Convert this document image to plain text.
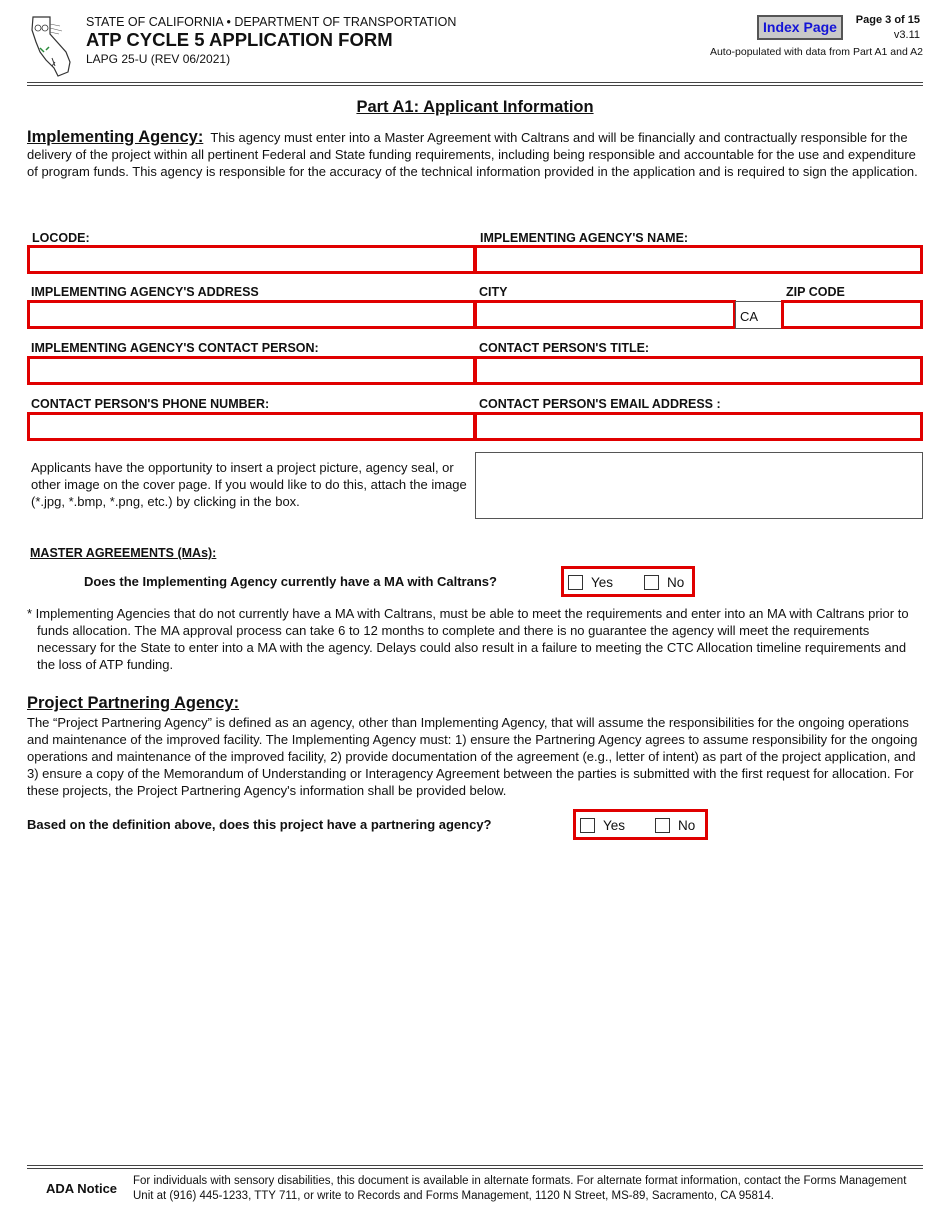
STATE OF CALIFORNIA • DEPARTMENT OF TRANSPORTATION
ATP CYCLE 5 APPLICATION FORM
LAPG 25-U (REV 06/2021)
Index Page	Page 3 of 15
v3.11
Auto-populated with data from Part A1 and A2
Part A1: Applicant Information
Implementing Agency: This agency must enter into a Master Agreement with Caltrans and will be financially and contractually responsible for the delivery of the project within all pertinent Federal and State funding requirements, including being responsible and accountable for the use and expenditure of program funds. This agency is responsible for the accuracy of the technical information provided in the application and is required to sign the application.
LOCODE:	IMPLEMENTING AGENCY'S NAME:
IMPLEMENTING AGENCY'S ADDRESS	CITY	ZIP CODE
CA
IMPLEMENTING AGENCY'S CONTACT PERSON:	CONTACT PERSON'S TITLE:
CONTACT PERSON'S PHONE NUMBER:	CONTACT PERSON'S EMAIL ADDRESS :
Applicants have the opportunity to insert a project picture, agency seal, or other image on the cover page. If you would like to do this, attach the image (*.jpg, *.bmp, *.png, etc.) by clicking in the box.
MASTER AGREEMENTS (MAs):
Does the Implementing Agency currently have a MA with Caltrans?	Yes	No
* Implementing Agencies that do not currently have a MA with Caltrans, must be able to meet the requirements and enter into an MA with Caltrans prior to funds allocation. The MA approval process can take 6 to 12 months to complete and there is no guarantee the agency will meet the requirements necessary for the State to enter into a MA with the agency. Delays could also result in a failure to meeting the CTC Allocation timeline requirements and the loss of ATP funding.
Project Partnering Agency:
The “Project Partnering Agency” is defined as an agency, other than Implementing Agency, that will assume the responsibilities for the ongoing operations and maintenance of the improved facility. The Implementing Agency must: 1) ensure the Partnering Agency agrees to assume responsibility for the ongoing operations and maintenance of the improved facility, 2) provide documentation of the agreement (e.g., letter of intent) as part of the project application, and 3) ensure a copy of the Memorandum of Understanding or Interagency Agreement between the parties is submitted with the first request for allocation. For these projects, the Project Partnering Agency's information shall be provided below.
Based on the definition above, does this project have a partnering agency?	Yes	No
ADA Notice For individuals with sensory disabilities, this document is available in alternate formats. For alternate format information, contact the Forms Management Unit at (916) 445-1233, TTY 711, or write to Records and Forms Management, 1120 N Street, MS-89, Sacramento, CA 95814.
